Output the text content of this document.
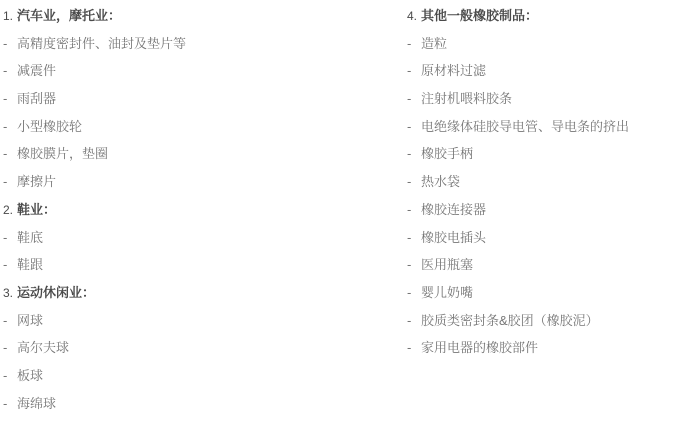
1. 汽车业，摩托业：
- 高精度密封件、油封及垫片等
- 减震件
- 雨刮器
- 小型橡胶轮
- 橡胶膜片，垫圈
- 摩擦片
2. 鞋业：
- 鞋底
- 鞋跟
3. 运动休闲业：
- 网球
- 高尔夫球
- 板球
- 海绵球
4. 其他一般橡胶制品：
- 造粒
- 原材料过滤
- 注射机喂料胶条
- 电绝缘体硅胶导电管、导电条的挤出
- 橡胶手柄
- 热水袋
- 橡胶连接器
- 橡胶电插头
- 医用瓶塞
- 婴儿奶嘴
- 胶质类密封条&胶团（橡胶泥）
- 家用电器的橡胶部件
